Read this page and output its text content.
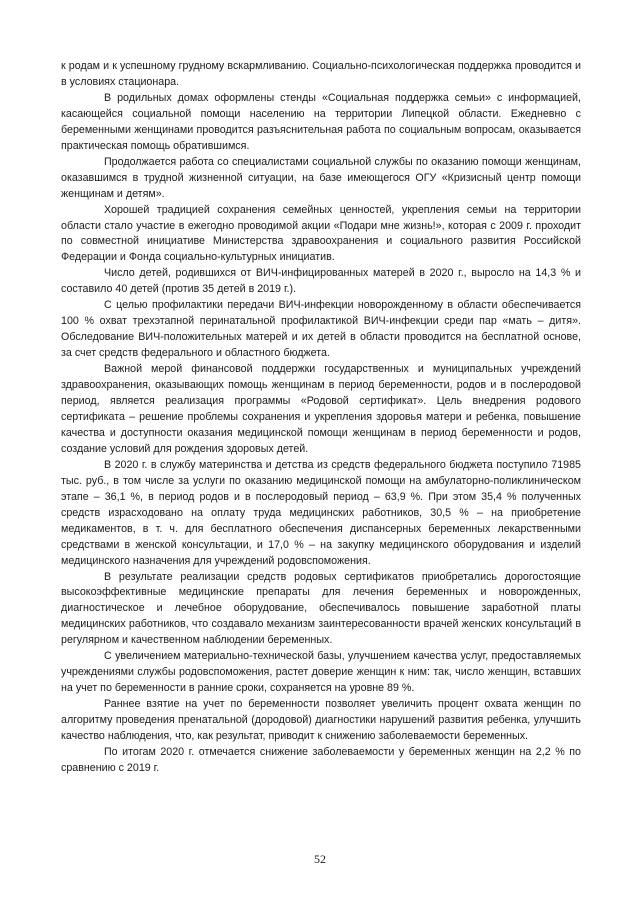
к родам и к успешному грудному вскармливанию. Социально-психологическая поддержка проводится и в условиях стационара.

В родильных домах оформлены стенды «Социальная поддержка семьи» с информацией, касающейся социальной помощи населению на территории Липецкой области. Ежедневно с беременными женщинами проводится разъяснительная работа по социальным вопросам, оказывается практическая помощь обратившимся.

Продолжается работа со специалистами социальной службы по оказанию помощи женщинам, оказавшимся в трудной жизненной ситуации, на базе имеющегося ОГУ «Кризисный центр помощи женщинам и детям».

Хорошей традицией сохранения семейных ценностей, укрепления семьи на территории области стало участие в ежегодно проводимой акции «Подари мне жизнь!», которая с 2009 г. проходит по совместной инициативе Министерства здравоохранения и социального развития Российской Федерации и Фонда социально-культурных инициатив.

Число детей, родившихся от ВИЧ-инфицированных матерей в 2020 г., выросло на 14,3 % и составило 40 детей (против 35 детей в 2019 г.).

С целью профилактики передачи ВИЧ-инфекции новорожденному в области обеспечивается 100 % охват трехэтапной перинатальной профилактикой ВИЧ-инфекции среди пар «мать – дитя». Обследование ВИЧ-положительных матерей и их детей в области проводится на бесплатной основе, за счет средств федерального и областного бюджета.

Важной мерой финансовой поддержки государственных и муниципальных учреждений здравоохранения, оказывающих помощь женщинам в период беременности, родов и в послеродовой период, является реализация программы «Родовой сертификат». Цель внедрения родового сертификата – решение проблемы сохранения и укрепления здоровья матери и ребенка, повышение качества и доступности оказания медицинской помощи женщинам в период беременности и родов, создание условий для рождения здоровых детей.

В 2020 г. в службу материнства и детства из средств федерального бюджета поступило 71985 тыс. руб., в том числе за услуги по оказанию медицинской помощи на амбулаторно-поликлиническом этапе – 36,1 %, в период родов и в послеродовый период – 63,9 %. При этом 35,4 % полученных средств израсходовано на оплату труда медицинских работников, 30,5 % – на приобретение медикаментов, в т. ч. для бесплатного обеспечения диспансерных беременных лекарственными средствами в женской консультации, и 17,0 % – на закупку медицинского оборудования и изделий медицинского назначения для учреждений родовспоможения.

В результате реализации средств родовых сертификатов приобретались дорогостоящие высокоэффективные медицинские препараты для лечения беременных и новорожденных, диагностическое и лечебное оборудование, обеспечивалось повышение заработной платы медицинских работников, что создавало механизм заинтересованности врачей женских консультаций в регулярном и качественном наблюдении беременных.

С увеличением материально-технической базы, улучшением качества услуг, предоставляемых учреждениями службы родовспоможения, растет доверие женщин к ним: так, число женщин, вставших на учет по беременности в ранние сроки, сохраняется на уровне 89 %.

Раннее взятие на учет по беременности позволяет увеличить процент охвата женщин по алгоритму проведения пренатальной (дородовой) диагностики нарушений развития ребенка, улучшить качество наблюдения, что, как результат, приводит к снижению заболеваемости беременных.

По итогам 2020 г. отмечается снижение заболеваемости у беременных женщин на 2,2 % по сравнению с 2019 г.

52
